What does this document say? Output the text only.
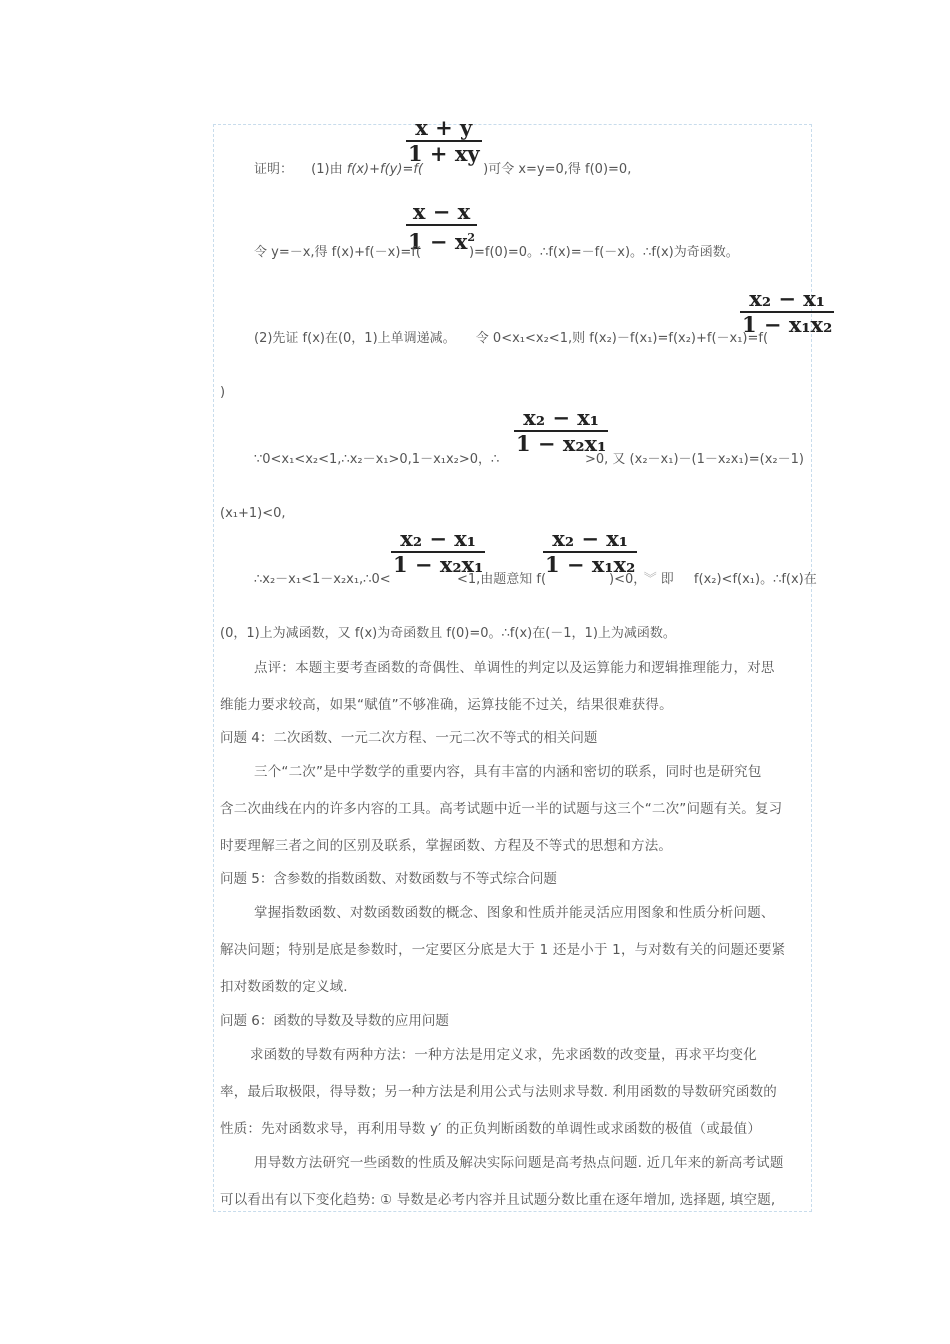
x + y
1 + xy
证明： (1)由 f(x)+f(y)=f(	)可令 x=y=0,得 f(0)=0,
x − x
$1 - x^2$
令 y=－x,得 f(x)+f(－x)=f(	)=f(0)=0。∴f(x)=－f(－x)。∴f(x)为奇函数。
x₂ − x₁
1 − x₁x₂
(2)先证 f(x)在(0，1)上单调递减。 令 0<x₁<x₂<1,则 f(x₂)－f(x₁)=f(x₂)+f(－x₁)=f(
)
x₂ − x₁
1 − x₂x₁
∵0<x₁<x₂<1,∴x₂－x₁>0,1－x₁x₂>0，∴	>0, 又 (x₂－x₁)－(1－x₂x₁)=(x₂－1)
(x₁+1)<0,
x₂ − x₁
1 − x₂x₁
x₂ − x₁
1 − x₁x₂
∴x₂－x₁<1－x₂x₁,∴0<	<1,由题意知 f(	)<0， ︾ 即 f(x₂)<f(x₁)。∴f(x)在
(0，1)上为减函数，又 f(x)为奇函数且 f(0)=0。∴f(x)在(－1，1)上为减函数。
点评：本题主要考查函数的奇偶性、单调性的判定以及运算能力和逻辑推理能力，对思
维能力要求较高，如果“赋值”不够准确，运算技能不过关，结果很难获得。
问题 4：二次函数、一元二次方程、一元二次不等式的相关问题
三个“二次”是中学数学的重要内容，具有丰富的内涵和密切的联系，同时也是研究包
含二次曲线在内的许多内容的工具。高考试题中近一半的试题与这三个“二次”问题有关。复习
时要理解三者之间的区别及联系，掌握函数、方程及不等式的思想和方法。
问题 5：含参数的指数函数、对数函数与不等式综合问题
掌握指数函数、对数函数函数的概念、图象和性质并能灵活应用图象和性质分析问题、
解决问题；特别是底是参数时，一定要区分底是大于 1 还是小于 1，与对数有关的问题还要紧
扣对数函数的定义域.
问题 6：函数的导数及导数的应用问题
求函数的导数有两种方法：一种方法是用定义求，先求函数的改变量，再求平均变化
率，最后取极限，得导数；另一种方法是利用公式与法则求导数. 利用函数的导数研究函数的
性质：先对函数求导，再利用导数 y′ 的正负判断函数的单调性或求函数的极值（或最值）
用导数方法研究一些函数的性质及解决实际问题是高考热点问题. 近几年来的新高考试题
可以看出有以下变化趋势: ① 导数是必考内容并且试题分数比重在逐年增加, 选择题, 填空题,
